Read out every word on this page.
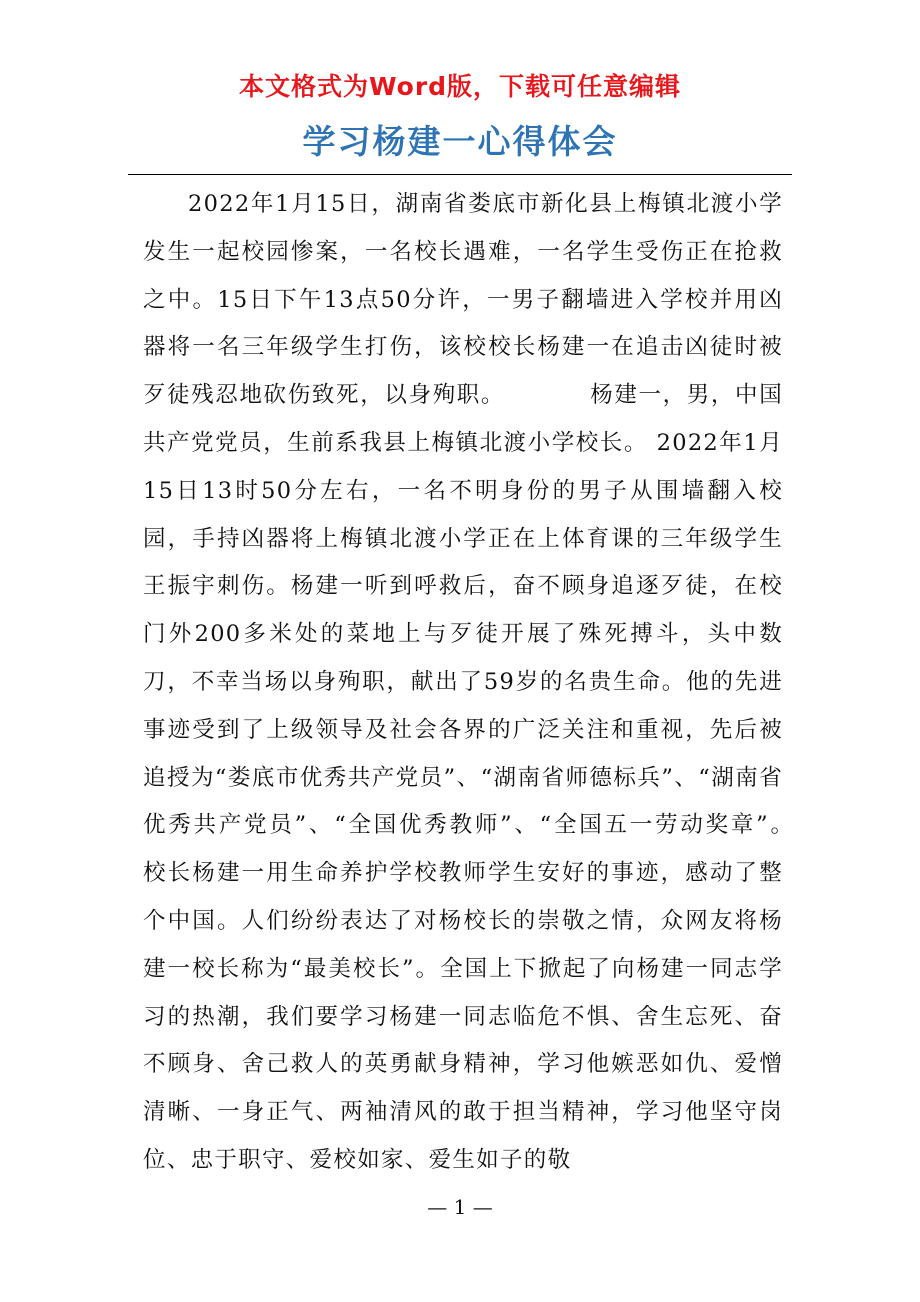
本文格式为Word版，下载可任意编辑
学习杨建一心得体会

2022年1月15日，湖南省娄底市新化县上梅镇北渡小学发生一起校园惨案，一名校长遇难，一名学生受伤正在抢救之中。15日下午13点50分许，一男子翻墙进入学校并用凶器将一名三年级学生打伤，该校校长杨建一在追击凶徒时被歹徒残忍地砍伤致死，以身殉职。　　　　杨建一，男，中国共产党党员，生前系我县上梅镇北渡小学校长。 2022年1月15日13时50分左右，一名不明身份的男子从围墙翻入校园，手持凶器将上梅镇北渡小学正在上体育课的三年级学生王振宇刺伤。杨建一听到呼救后，奋不顾身追逐歹徒，在校门外200多米处的菜地上与歹徒开展了殊死搏斗，头中数刀，不幸当场以身殉职，献出了59岁的名贵生命。他的先进事迹受到了上级领导及社会各界的广泛关注和重视，先后被追授为“娄底市优秀共产党员”、“湖南省师德标兵”、“湖南省优秀共产党员”、“全国优秀教师”、“全国五一劳动奖章”。　　　　校长杨建一用生命养护学校教师学生安好的事迹，感动了整个中国。人们纷纷表达了对杨校长的崇敬之情，众网友将杨建一校长称为“最美校长”。全国上下掀起了向杨建一同志学习的热潮，我们要学习杨建一同志临危不惧、舍生忘死、奋不顾身、舍己救人的英勇献身精神，学习他嫉恶如仇、爱憎清晰、一身正气、两袖清风的敢于担当精神，学习他坚守岗位、忠于职守、爱校如家、爱生如子的敬

— 1 —
